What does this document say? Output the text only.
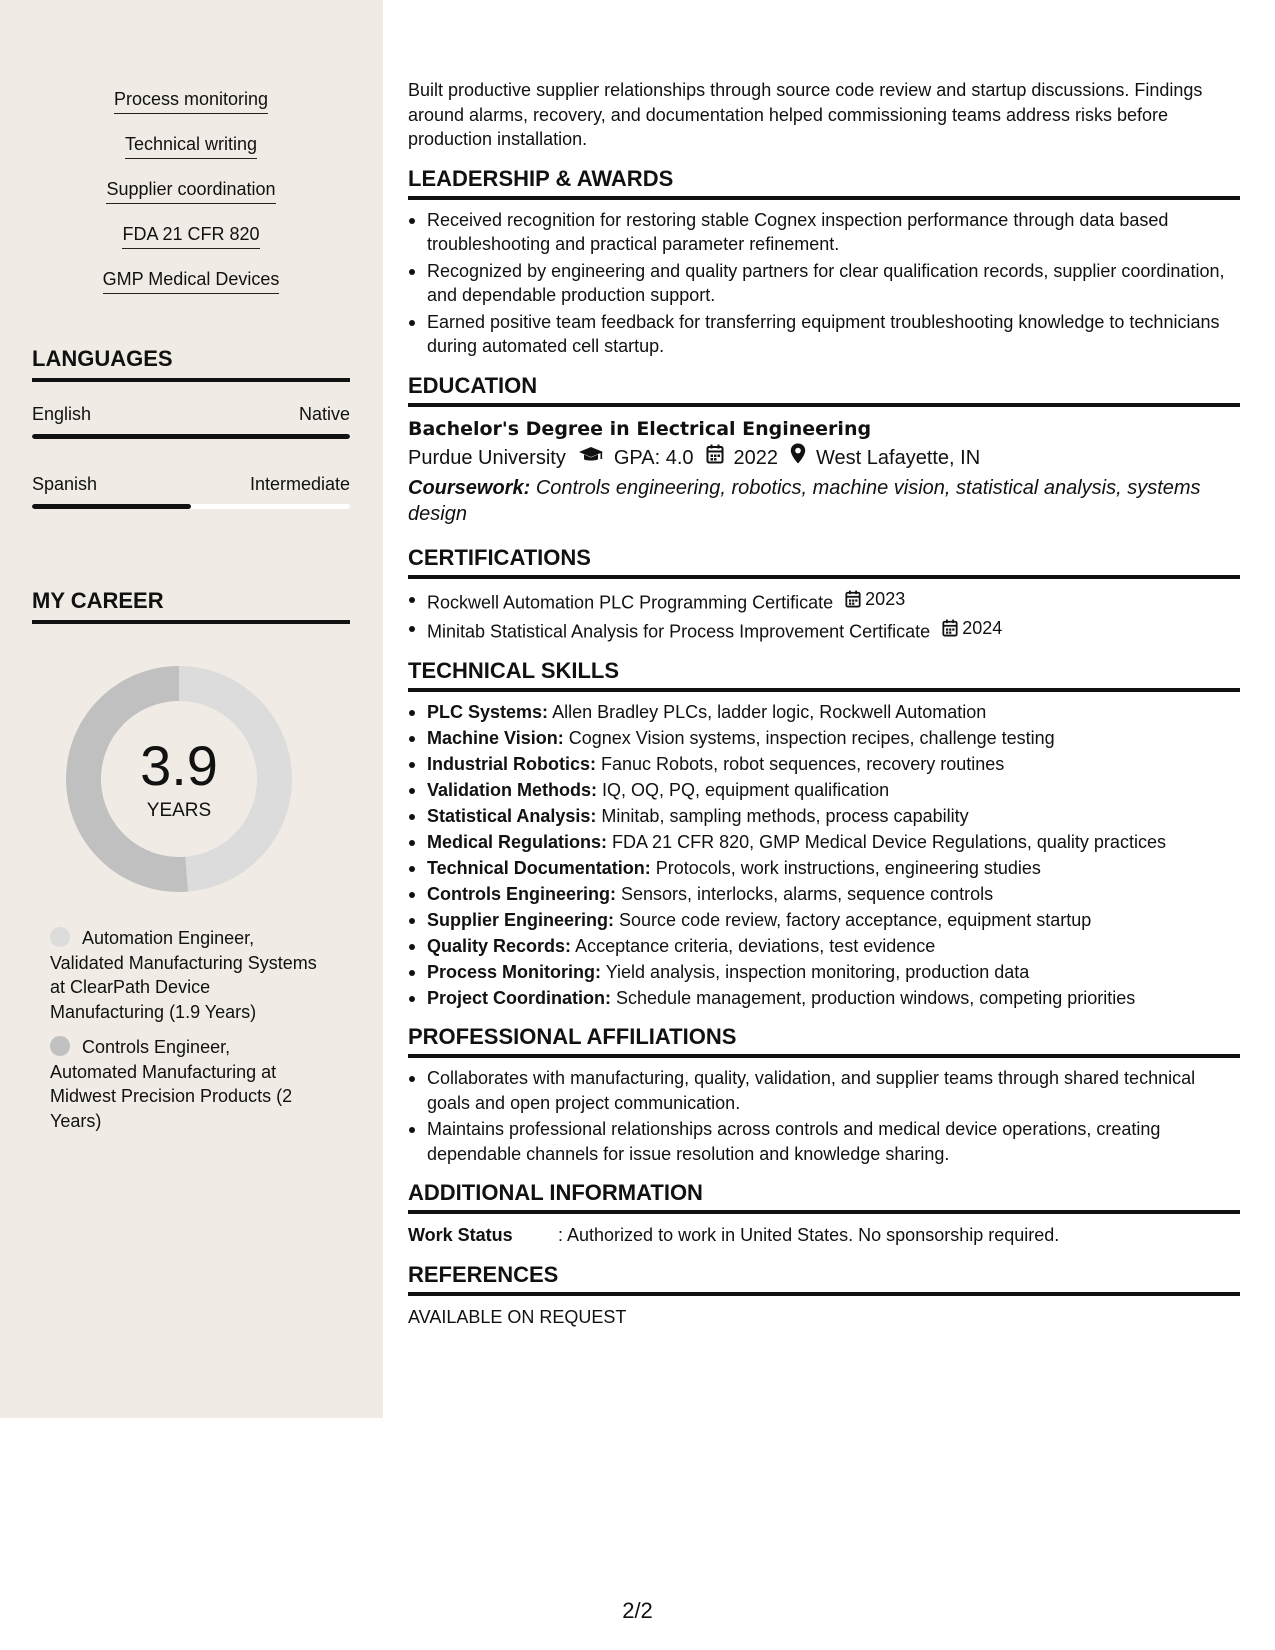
Process monitoring
Technical writing
Supplier coordination
FDA 21 CFR 820
GMP Medical Devices
LANGUAGES
English	Native
Spanish	Intermediate
MY CAREER
3.9
YEARS
Automation Engineer, Validated Manufacturing Systems at ClearPath Device Manufacturing (1.9 Years)
Controls Engineer, Automated Manufacturing at Midwest Precision Products (2 Years)

Built productive supplier relationships through source code review and startup discussions. Findings around alarms, recovery, and documentation helped commissioning teams address risks before production installation.

LEADERSHIP & AWARDS
Received recognition for restoring stable Cognex inspection performance through data based troubleshooting and practical parameter refinement.
Recognized by engineering and quality partners for clear qualification records, supplier coordination, and dependable production support.
Earned positive team feedback for transferring equipment troubleshooting knowledge to technicians during automated cell startup.
EDUCATION
Bachelor's Degree in Electrical Engineering
Purdue University GPA: 4.0 2022 West Lafayette, IN
Coursework: Controls engineering, robotics, machine vision, statistical analysis, systems design
CERTIFICATIONS
Rockwell Automation PLC Programming Certificate 2023
Minitab Statistical Analysis for Process Improvement Certificate 2024
TECHNICAL SKILLS
PLC Systems: Allen Bradley PLCs, ladder logic, Rockwell Automation
Machine Vision: Cognex Vision systems, inspection recipes, challenge testing
Industrial Robotics: Fanuc Robots, robot sequences, recovery routines
Validation Methods: IQ, OQ, PQ, equipment qualification
Statistical Analysis: Minitab, sampling methods, process capability
Medical Regulations: FDA 21 CFR 820, GMP Medical Device Regulations, quality practices
Technical Documentation: Protocols, work instructions, engineering studies
Controls Engineering: Sensors, interlocks, alarms, sequence controls
Supplier Engineering: Source code review, factory acceptance, equipment startup
Quality Records: Acceptance criteria, deviations, test evidence
Process Monitoring: Yield analysis, inspection monitoring, production data
Project Coordination: Schedule management, production windows, competing priorities
PROFESSIONAL AFFILIATIONS
Collaborates with manufacturing, quality, validation, and supplier teams through shared technical goals and open project communication.
Maintains professional relationships across controls and medical device operations, creating dependable channels for issue resolution and knowledge sharing.
ADDITIONAL INFORMATION
Work Status	: Authorized to work in United States. No sponsorship required.
REFERENCES
AVAILABLE ON REQUEST
2/2
